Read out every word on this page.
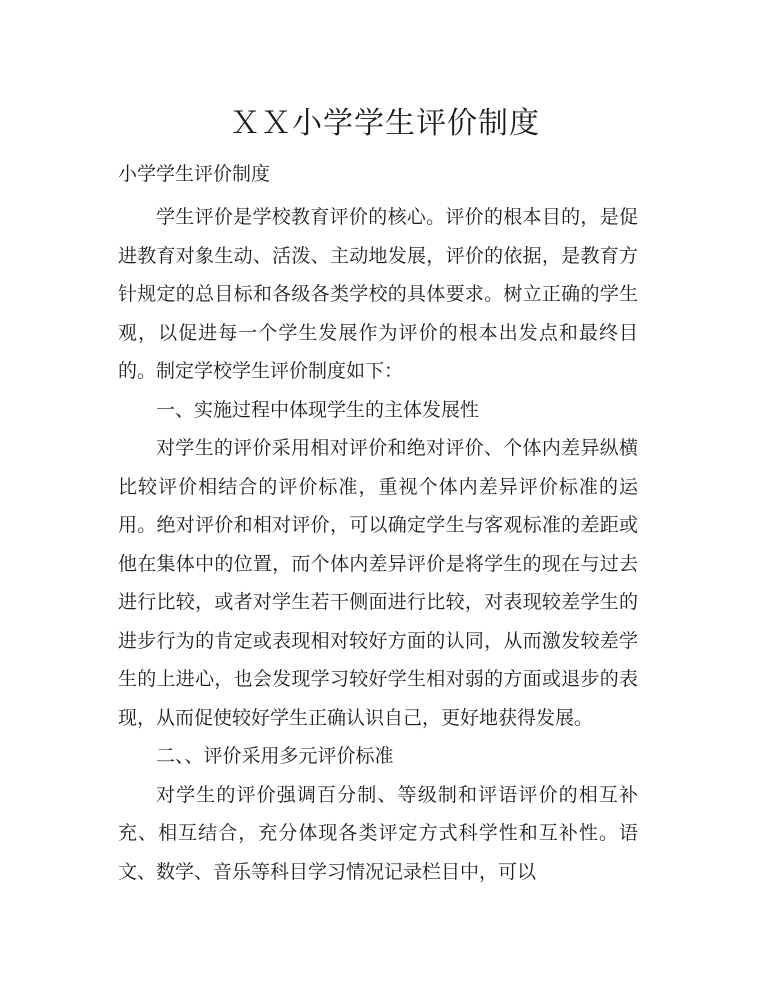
ＸＸ小学学生评价制度

小学学生评价制度

学生评价是学校教育评价的核心。评价的根本目的，是促进教育对象生动、活泼、主动地发展，评价的依据，是教育方针规定的总目标和各级各类学校的具体要求。树立正确的学生观，以促进每一个学生发展作为评价的根本出发点和最终目的。制定学校学生评价制度如下：

一、实施过程中体现学生的主体发展性

对学生的评价采用相对评价和绝对评价、个体内差异纵横比较评价相结合的评价标准，重视个体内差异评价标准的运用。绝对评价和相对评价，可以确定学生与客观标准的差距或他在集体中的位置，而个体内差异评价是将学生的现在与过去进行比较，或者对学生若干侧面进行比较，对表现较差学生的进步行为的肯定或表现相对较好方面的认同，从而激发较差学生的上进心，也会发现学习较好学生相对弱的方面或退步的表现，从而促使较好学生正确认识自己，更好地获得发展。

二、、评价采用多元评价标准

对学生的评价强调百分制、等级制和评语评价的相互补充、相互结合，充分体现各类评定方式科学性和互补性。语文、数学、音乐等科目学习情况记录栏目中，可以
